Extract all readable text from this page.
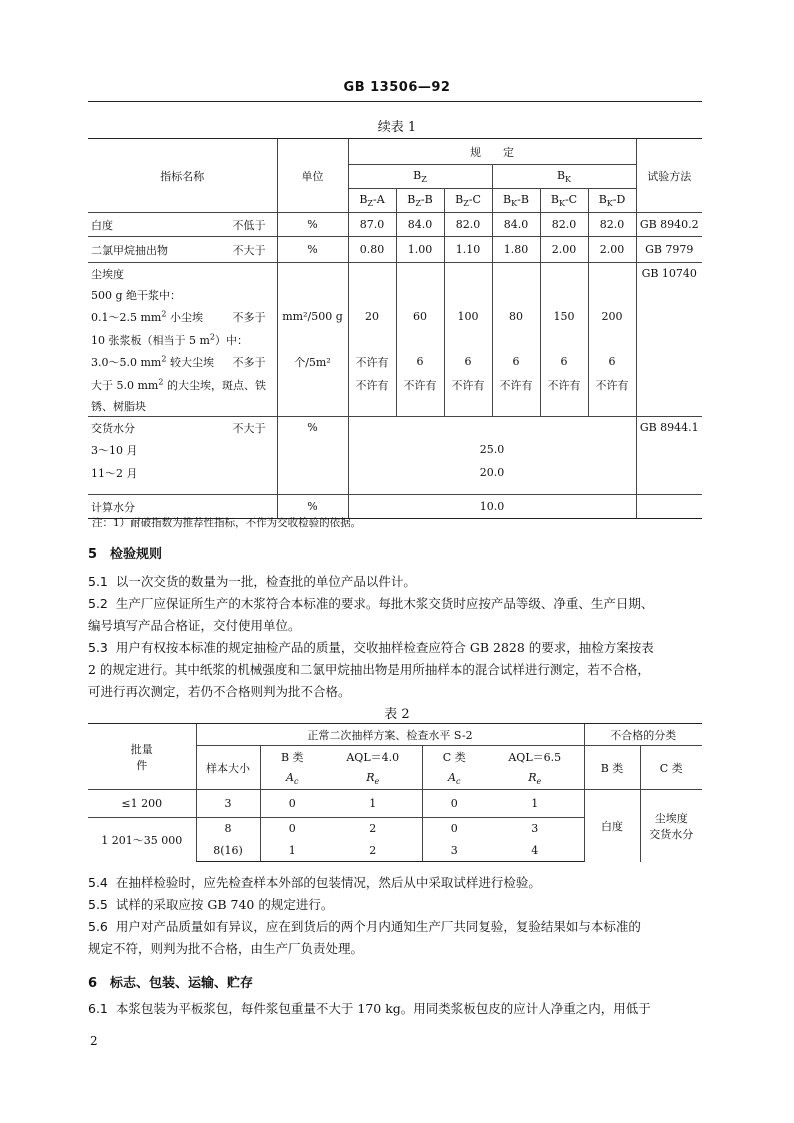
GB 13506—92
续表 1
指标名称	单位	规　　定						试验方法
		$B_Z$			$B_K$
		$B_Z-A$	$B_Z-B$	$B_Z-C$	$B_K-B$	$B_K-C$	$B_K-D$	
白度 不低于	%	87.0	84.0	82.0	84.0	82.0	82.0	GB 8940.2
二氯甲烷抽出物 不大于	%	0.80	1.00	1.10	1.80	2.00	2.00	GB 7979
尘埃度								GB 10740
500 g 绝干浆中：								
0.1～2.5 $mm^2$ 小尘埃 不多于	mm²/500 g	20	60	100	80	150	200	
10 张浆板（相当于 5 $m^2$）中：								
3.0～5.0 $mm^2$ 较大尘埃 不多于	个/5m²	不许有	6	6	6	6	6	
大于 5.0 $mm^2$ 的大尘埃，斑点、铁		不许有	不许有	不许有	不许有	不许有	不许有	
锈、树脂块								
交货水分 不大于	%							GB 8944.1
3～10 月		25.0						
11～2 月		20.0						

计算水分	%	10.0						
注：1）耐破指数为推荐性指标，不作为交收检验的依据。
5　检验规则
5.1 以一次交货的数量为一批，检查批的单位产品以件计。
5.2 生产厂应保证所生产的木浆符合本标准的要求。每批木浆交货时应按产品等级、净重、生产日期、
编号填写产品合格证，交付使用单位。
5.3 用户有权按本标准的规定抽检产品的质量，交收抽样检查应符合 GB 2828 的要求，抽检方案按表
2 的规定进行。其中纸浆的机械强度和二氯甲烷抽出物是用所抽样本的混合试样进行测定，若不合格，
可进行再次测定，若仍不合格则判为批不合格。
表 2
批量
件	正常二次抽样方案、检查水平 S-2					不合格的分类	
	样本大小	B 类	AQL＝4.0	C 类	AQL＝6.5	B 类	C 类
		$A_c$	$R_e$	$A_c$	$R_e$
≤1 200	3	0	1	0	1	白度	尘埃度
交货水分

1 201～35 000	8	0	2	0	3		
	8(16)	1	2	3	4		
5.4 在抽样检验时，应先检查样本外部的包装情况，然后从中采取试样进行检验。
5.5 试样的采取应按 GB 740 的规定进行。
5.6 用户对产品质量如有异议，应在到货后的两个月内通知生产厂共同复验，复验结果如与本标准的
规定不符，则判为批不合格，由生产厂负责处理。
6　标志、包装、运输、贮存
6.1 本浆包装为平板浆包，每件浆包重量不大于 170 kg。用同类浆板包皮的应计人净重之内，用低于
2
